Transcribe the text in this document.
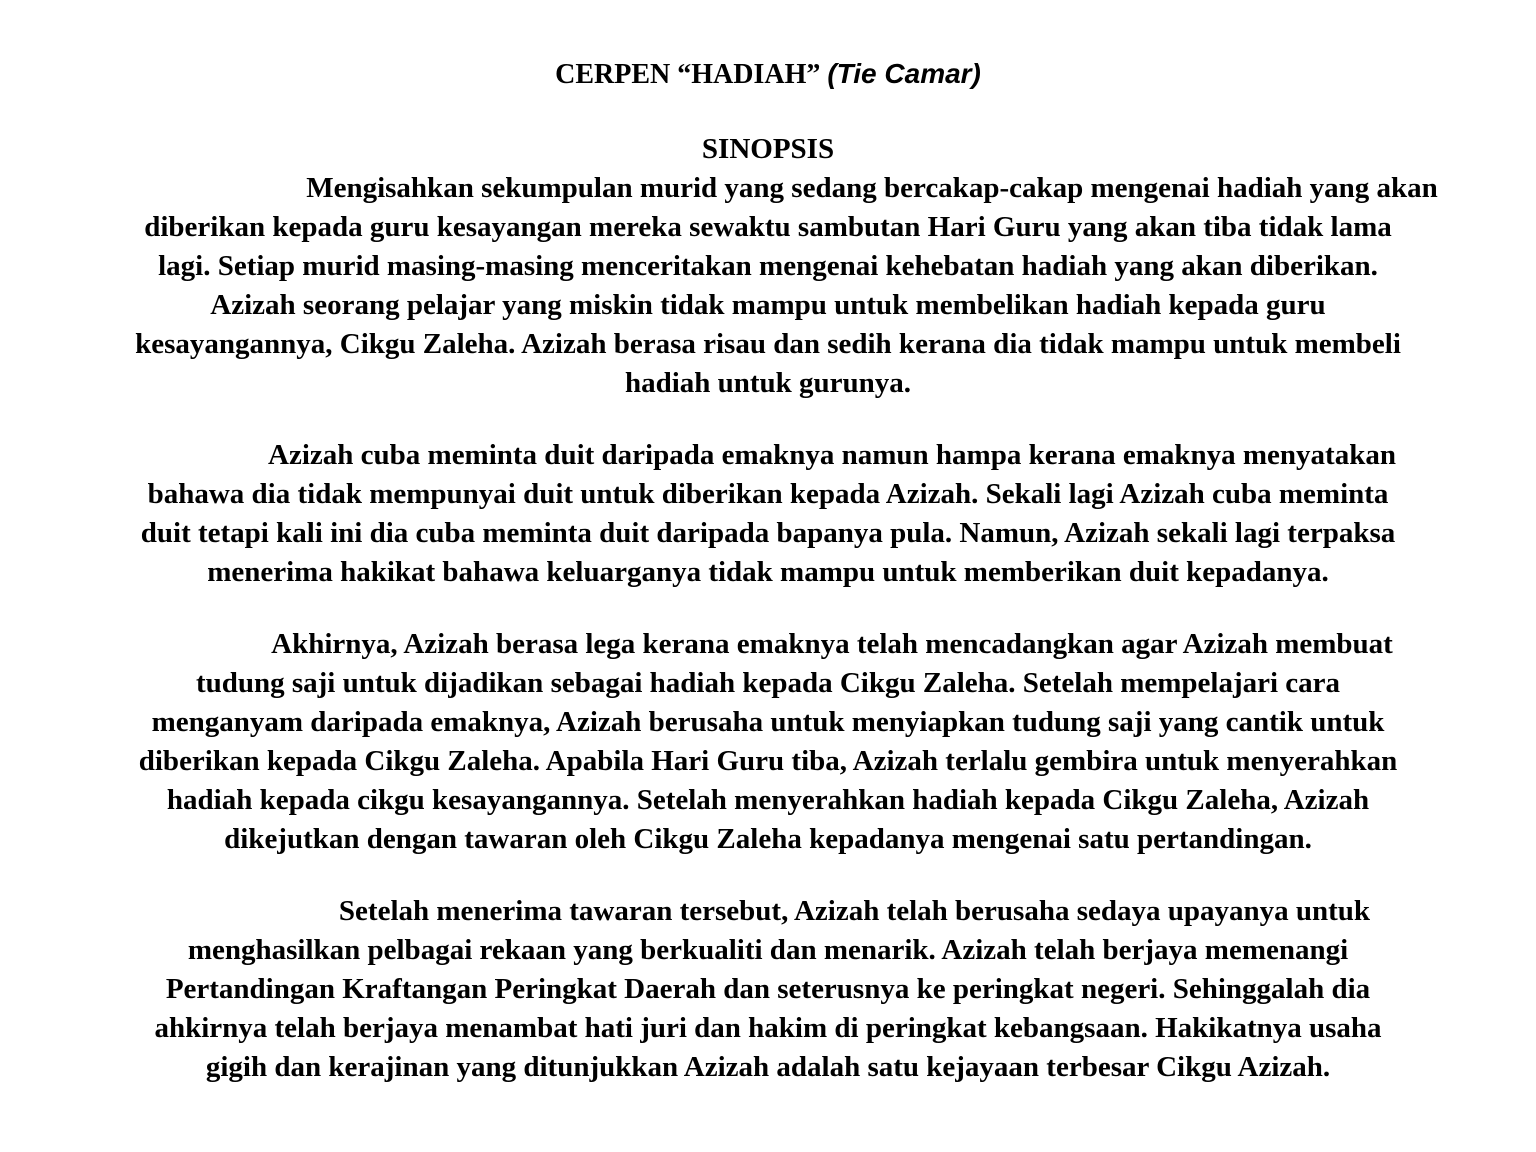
CERPEN “HADIAH” (Tie Camar)
SINOPSIS
Mengisahkan sekumpulan murid yang sedang bercakap-cakap mengenai hadiah yang akan
diberikan kepada guru kesayangan mereka sewaktu sambutan Hari Guru yang akan tiba tidak lama
lagi. Setiap murid masing-masing menceritakan mengenai kehebatan hadiah yang akan diberikan.
Azizah seorang pelajar yang miskin tidak mampu untuk membelikan hadiah kepada guru
kesayangannya, Cikgu Zaleha. Azizah berasa risau dan sedih kerana dia tidak mampu untuk membeli
hadiah untuk gurunya.
Azizah cuba meminta duit daripada emaknya namun hampa kerana emaknya menyatakan
bahawa dia tidak mempunyai duit untuk diberikan kepada Azizah. Sekali lagi Azizah cuba meminta
duit tetapi kali ini dia cuba meminta duit daripada bapanya pula. Namun, Azizah sekali lagi terpaksa
menerima hakikat bahawa keluarganya tidak mampu untuk memberikan duit kepadanya.
Akhirnya, Azizah berasa lega kerana emaknya telah mencadangkan agar Azizah membuat
tudung saji untuk dijadikan sebagai hadiah kepada Cikgu Zaleha. Setelah mempelajari cara
menganyam daripada emaknya, Azizah berusaha untuk menyiapkan tudung saji yang cantik untuk
diberikan kepada Cikgu Zaleha. Apabila Hari Guru tiba, Azizah terlalu gembira untuk menyerahkan
hadiah kepada cikgu kesayangannya. Setelah menyerahkan hadiah kepada Cikgu Zaleha, Azizah
dikejutkan dengan tawaran oleh Cikgu Zaleha kepadanya mengenai satu pertandingan.
Setelah menerima tawaran tersebut, Azizah telah berusaha sedaya upayanya untuk
menghasilkan pelbagai rekaan yang berkualiti dan menarik. Azizah telah berjaya memenangi
Pertandingan Kraftangan Peringkat Daerah dan seterusnya ke peringkat negeri. Sehinggalah dia
ahkirnya telah berjaya menambat hati juri dan hakim di peringkat kebangsaan. Hakikatnya usaha
gigih dan kerajinan yang ditunjukkan Azizah adalah satu kejayaan terbesar Cikgu Azizah.
